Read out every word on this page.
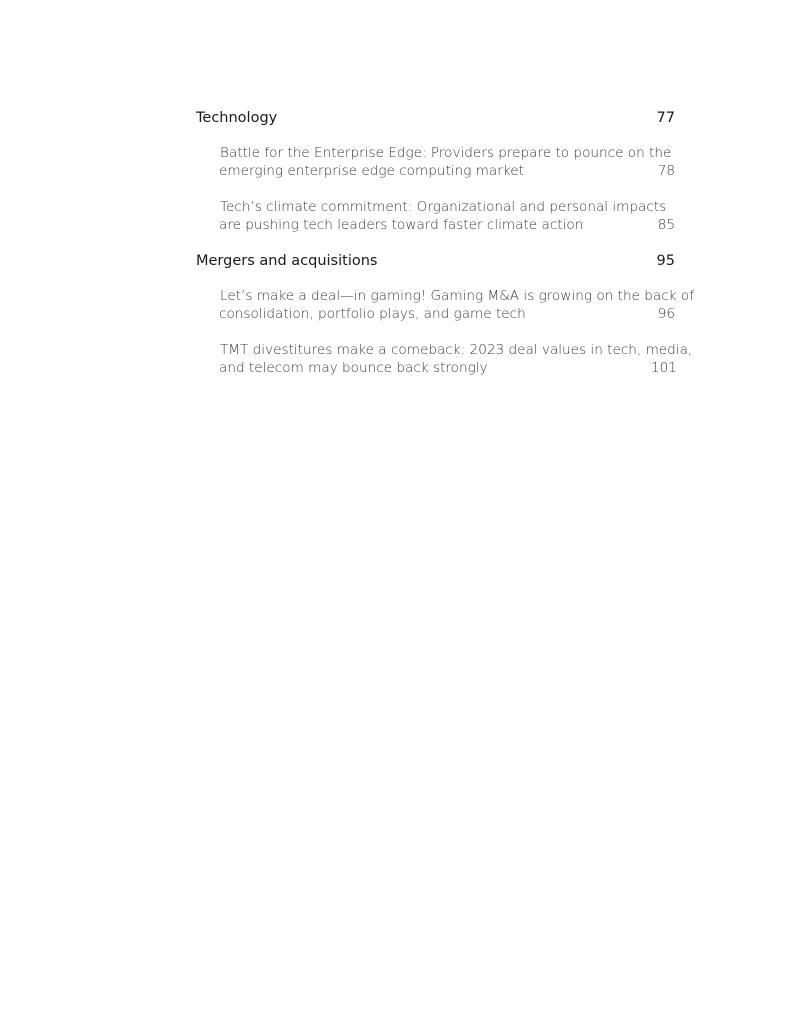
Technology	77
Battle for the Enterprise Edge: Providers prepare to pounce on the
emerging enterprise edge computing market	78
Tech’s climate commitment: Organizational and personal impacts
are pushing tech leaders toward faster climate action	85
Mergers and acquisitions	95
Let’s make a deal—in gaming! Gaming M&A is growing on the back of
consolidation, portfolio plays, and game tech	96
TMT divestitures make a comeback: 2023 deal values in tech, media,
and telecom may bounce back strongly	101
